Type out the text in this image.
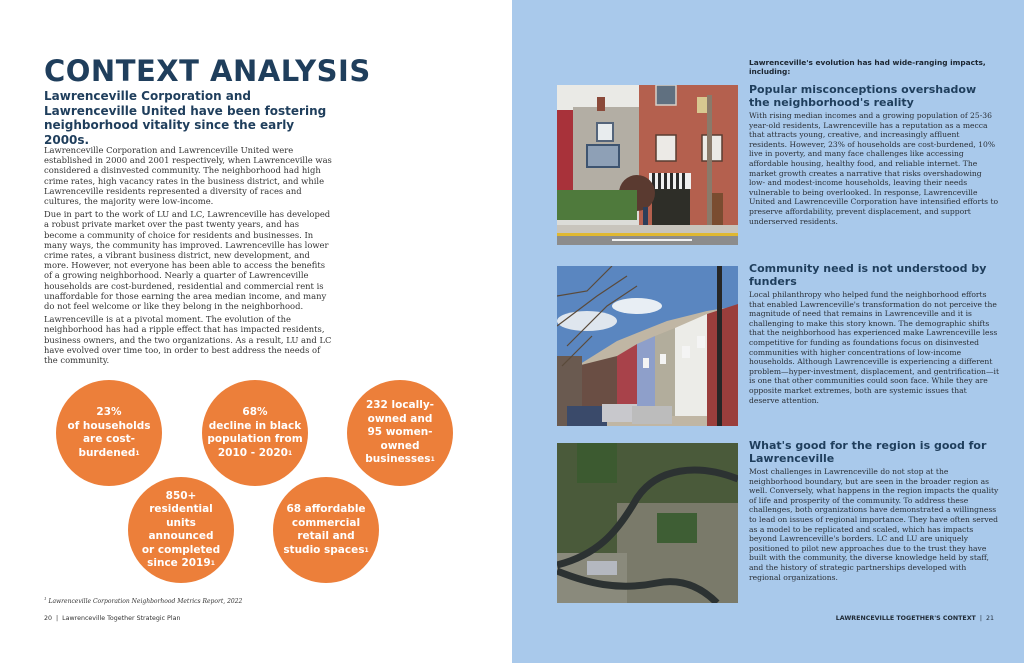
CONTEXT ANALYSIS

Lawrenceville Corporation and Lawrenceville United have been fostering neighborhood vitality since the early 2000s.

Lawrenceville Corporation and Lawrenceville United were established in 2000 and 2001 respectively, when Lawrenceville was considered a disinvested community. The neighborhood had high crime rates, high vacancy rates in the business district, and while Lawrenceville residents represented a diversity of races and cultures, the majority were low-income.

Due in part to the work of LU and LC, Lawrenceville has developed a robust private market over the past twenty years, and has become a community of choice for residents and businesses. In many ways, the community has improved. Lawrenceville has lower crime rates, a vibrant business district, new development, and more. However, not everyone has been able to access the benefits of a growing neighborhood. Nearly a quarter of Lawrenceville households are cost-burdened, residential and commercial rent is unaffordable for those earning the area median income, and many do not feel welcome or like they belong in the neighborhood.

Lawrenceville is at a pivotal moment. The evolution of the neighborhood has had a ripple effect that has impacted residents, business owners, and the two organizations. As a result, LU and LC have evolved over time too, in order to best address the needs of the community.

23%
of households
are cost-
burdened$^1$
68%
decline in black
population from
2010 - 2020$^1$
232 locally-
owned and
95 women-
owned
businesses$^1$
850+
residential units
announced
or completed
since 2019$^1$
68 affordable
commercial
retail and
studio spaces$^1$
$^1$ Lawrenceville Corporation Neighborhood Metrics Report, 2022
20  |  Lawrenceville Together Strategic Plan
Lawrenceville's evolution has had wide-ranging impacts, including:
Popular misconceptions overshadow the neighborhood's reality

With rising median incomes and a growing population of 25-36 year-old residents, Lawrenceville has a reputation as a mecca that attracts young, creative, and increasingly affluent residents. However, 23% of households are cost-burdened, 10% live in poverty, and many face challenges like accessing affordable housing, healthy food, and reliable internet. The market growth creates a narrative that risks overshadowing low- and modest-income households, leaving their needs vulnerable to being overlooked. In response, Lawrenceville United and Lawrenceville Corporation have intensified efforts to preserve affordability, prevent displacement, and support underserved residents.

Community need is not understood by funders

Local philanthropy who helped fund the neighborhood efforts that enabled Lawrenceville's transformation do not perceive the magnitude of need that remains in Lawrenceville and it is challenging to make this story known. The demographic shifts that the neighborhood has experienced make Lawrenceville less competitive for funding as foundations focus on disinvested communities with higher concentrations of low-income households. Although Lawrenceville is experiencing a different problem—hyper-investment, displacement, and gentrification—it is one that other communities could soon face. While they are opposite market extremes, both are systemic issues that deserve attention.

What's good for the region is good for Lawrenceville

Most challenges in Lawrenceville do not stop at the neighborhood boundary, but are seen in the broader region as well. Conversely, what happens in the region impacts the quality of life and prosperity of the community. To address these challenges, both organizations have demonstrated a willingness to lead on issues of regional importance. They have often served as a model to be replicated and scaled, which has impacts beyond Lawrenceville's borders. LC and LU are uniquely positioned to pilot new approaches due to the trust they have built with the community, the diverse knowledge held by staff, and the history of strategic partnerships developed with regional organizations.

LAWRENCEVILLE TOGETHER'S CONTEXT  |  21
